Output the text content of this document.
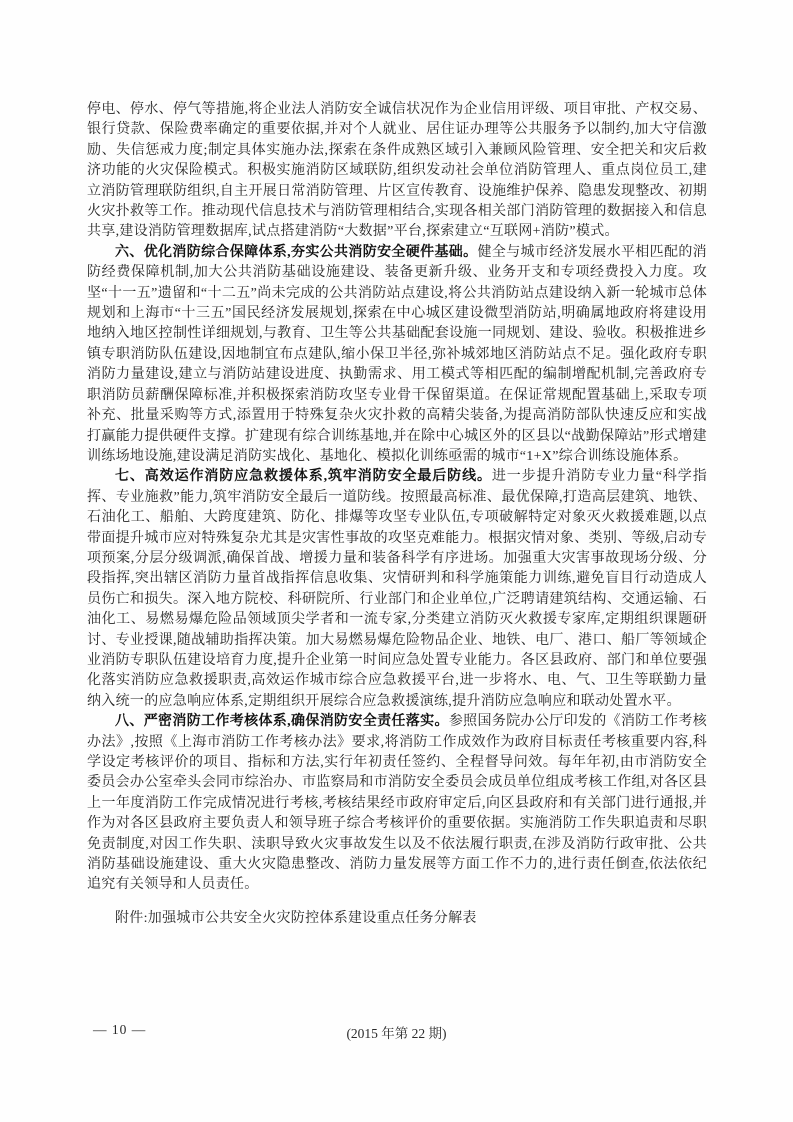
停电、停水、停气等措施,将企业法人消防安全诚信状况作为企业信用评级、项目审批、产权交易、银行贷款、保险费率确定的重要依据,并对个人就业、居住证办理等公共服务予以制约,加大守信激励、失信惩戒力度;制定具体实施办法,探索在条件成熟区域引入兼顾风险管理、安全把关和灾后救济功能的火灾保险模式。积极实施消防区域联防,组织发动社会单位消防管理人、重点岗位员工,建立消防管理联防组织,自主开展日常消防管理、片区宣传教育、设施维护保养、隐患发现整改、初期火灾扑救等工作。推动现代信息技术与消防管理相结合,实现各相关部门消防管理的数据接入和信息共享,建设消防管理数据库,试点搭建消防“大数据”平台,探索建立“互联网+消防”模式。

六、优化消防综合保障体系,夯实公共消防安全硬件基础。健全与城市经济发展水平相匹配的消防经费保障机制,加大公共消防基础设施建设、装备更新升级、业务开支和专项经费投入力度。攻坚“十一五”遗留和“十二五”尚未完成的公共消防站点建设,将公共消防站点建设纳入新一轮城市总体规划和上海市“十三五”国民经济发展规划,探索在中心城区建设微型消防站,明确属地政府将建设用地纳入地区控制性详细规划,与教育、卫生等公共基础配套设施一同规划、建设、验收。积极推进乡镇专职消防队伍建设,因地制宜布点建队,缩小保卫半径,弥补城郊地区消防站点不足。强化政府专职消防力量建设,建立与消防站建设进度、执勤需求、用工模式等相匹配的编制增配机制,完善政府专职消防员薪酬保障标准,并积极探索消防攻坚专业骨干保留渠道。在保证常规配置基础上,采取专项补充、批量采购等方式,添置用于特殊复杂火灾扑救的高精尖装备,为提高消防部队快速反应和实战打赢能力提供硬件支撑。扩建现有综合训练基地,并在除中心城区外的区县以“战勤保障站”形式增建训练场地设施,建设满足消防实战化、基地化、模拟化训练亟需的城市“1+X”综合训练设施体系。

七、高效运作消防应急救援体系,筑牢消防安全最后防线。进一步提升消防专业力量“科学指挥、专业施救”能力,筑牢消防安全最后一道防线。按照最高标准、最优保障,打造高层建筑、地铁、石油化工、船舶、大跨度建筑、防化、排爆等攻坚专业队伍,专项破解特定对象灭火救援难题,以点带面提升城市应对特殊复杂尤其是灾害性事故的攻坚克难能力。根据灾情对象、类别、等级,启动专项预案,分层分级调派,确保首战、增援力量和装备科学有序进场。加强重大灾害事故现场分级、分段指挥,突出辖区消防力量首战指挥信息收集、灾情研判和科学施策能力训练,避免盲目行动造成人员伤亡和损失。深入地方院校、科研院所、行业部门和企业单位,广泛聘请建筑结构、交通运输、石油化工、易燃易爆危险品领域顶尖学者和一流专家,分类建立消防灭火救援专家库,定期组织课题研讨、专业授课,随战辅助指挥决策。加大易燃易爆危险物品企业、地铁、电厂、港口、船厂等领域企业消防专职队伍建设培育力度,提升企业第一时间应急处置专业能力。各区县政府、部门和单位要强化落实消防应急救援职责,高效运作城市综合应急救援平台,进一步将水、电、气、卫生等联勤力量纳入统一的应急响应体系,定期组织开展综合应急救援演练,提升消防应急响应和联动处置水平。

八、严密消防工作考核体系,确保消防安全责任落实。参照国务院办公厅印发的《消防工作考核办法》,按照《上海市消防工作考核办法》要求,将消防工作成效作为政府目标责任考核重要内容,科学设定考核评价的项目、指标和方法,实行年初责任签约、全程督导问效。每年年初,由市消防安全委员会办公室牵头会同市综治办、市监察局和市消防安全委员会成员单位组成考核工作组,对各区县上一年度消防工作完成情况进行考核,考核结果经市政府审定后,向区县政府和有关部门进行通报,并作为对各区县政府主要负责人和领导班子综合考核评价的重要依据。实施消防工作失职追责和尽职免责制度,对因工作失职、渎职导致火灾事故发生以及不依法履行职责,在涉及消防行政审批、公共消防基础设施建设、重大火灾隐患整改、消防力量发展等方面工作不力的,进行责任倒查,依法依纪追究有关领导和人员责任。

附件:加强城市公共安全火灾防控体系建设重点任务分解表

— 10 —	(2015 年第 22 期)
